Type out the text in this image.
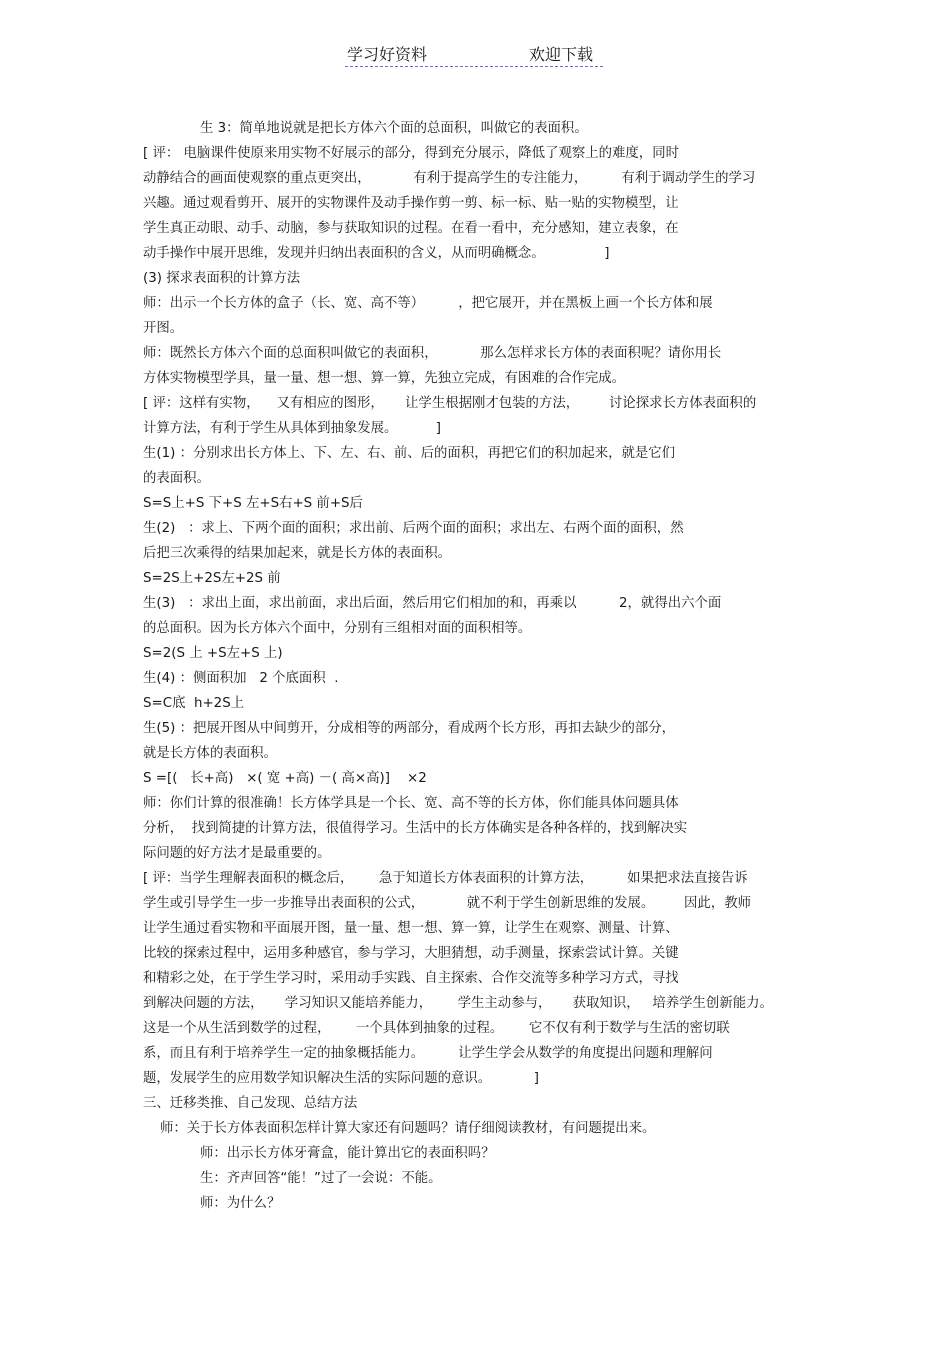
学习好资料	欢迎下载

生 3：简单地说就是把长方体六个面的总面积，叫做它的表面积。

[ 评： 电脑课件使原来用实物不好展示的部分，得到充分展示，降低了观察上的难度，同时

动静结合的画面使观察的重点更突出，          有利于提高学生的专注能力，        有利于调动学生的学习

兴趣。通过观看剪开、展开的实物课件及动手操作剪一剪、标一标、贴一贴的实物模型，让

学生真正动眼、动手、动脑，参与获取知识的过程。在看一看中，充分感知，建立表象，在

动手操作中展开思维，发现并归纳出表面积的含义，从而明确概念。              ]

(3) 探求表面积的计算方法

师：出示一个长方体的盒子（长、宽、高不等）        ，把它展开，并在黑板上画一个长方体和展

开图。

师：既然长方体六个面的总面积叫做它的表面积，          那么怎样求长方体的表面积呢？请你用长

方体实物模型学具，量一量、想一想、算一算，先独立完成，有困难的合作完成。

[ 评：这样有实物，    又有相应的图形，     让学生根据刚才包装的方法，       讨论探求长方体表面积的

计算方法，有利于学生从具体到抽象发展。         ]

生(1) ：分别求出长方体上、下、左、右、前、后的面积，再把它们的积加起来，就是它们

的表面积。

S=S上+S 下+S 左+S右+S 前+S后

生(2)   ：求上、下两个面的面积；求出前、后两个面的面积；求出左、右两个面的面积，然

后把三次乘得的结果加起来，就是长方体的表面积。

S=2S上+2S左+2S 前

生(3)   ：求出上面，求出前面，求出后面，然后用它们相加的和，再乘以          2，就得出六个面

的总面积。因为长方体六个面中，分别有三组相对面的面积相等。

S=2(S 上 +S左+S 上)

生(4) ：侧面积加   2 个底面积  .

S=C底  h+2S上

生(5) ：把展开图从中间剪开，分成相等的两部分，看成两个长方形，再扣去缺少的部分，

就是长方体的表面积。

S =[(   长+高)   ×( 宽 +高) －( 高×高)]    ×2

师：你们计算的很准确！长方体学具是一个长、宽、高不等的长方体，你们能具体问题具体

分析，  找到简捷的计算方法，很值得学习。生活中的长方体确实是各种各样的，找到解决实

际问题的好方法才是最重要的。

[ 评：当学生理解表面积的概念后，      急于知道长方体表面积的计算方法，        如果把求法直接告诉

学生或引导学生一步一步推导出表面积的公式，          就不利于学生创新思维的发展。       因此，教师

让学生通过看实物和平面展开图，量一量、想一想、算一算，让学生在观察、测量、计算、

比较的探索过程中，运用多种感官，参与学习，大胆猜想，动手测量，探索尝试计算。关键

和精彩之处，在于学生学习时，采用动手实践、自主探索、合作交流等多种学习方式，寻找

到解决问题的方法，     学习知识又能培养能力，      学生主动参与，     获取知识，   培养学生创新能力。

这是一个从生活到数学的过程，      一个具体到抽象的过程。      它不仅有利于数学与生活的密切联

系，而且有利于培养学生一定的抽象概括能力。        让学生学会从数学的角度提出问题和理解问

题，发展学生的应用数学知识解决生活的实际问题的意识。          ]

三、迁移类推、自己发现、总结方法

师：关于长方体表面积怎样计算大家还有问题吗？请仔细阅读教材，有问题提出来。

师：出示长方体牙膏盒，能计算出它的表面积吗？

生：齐声回答“能！”过了一会说：不能。

师：为什么？
